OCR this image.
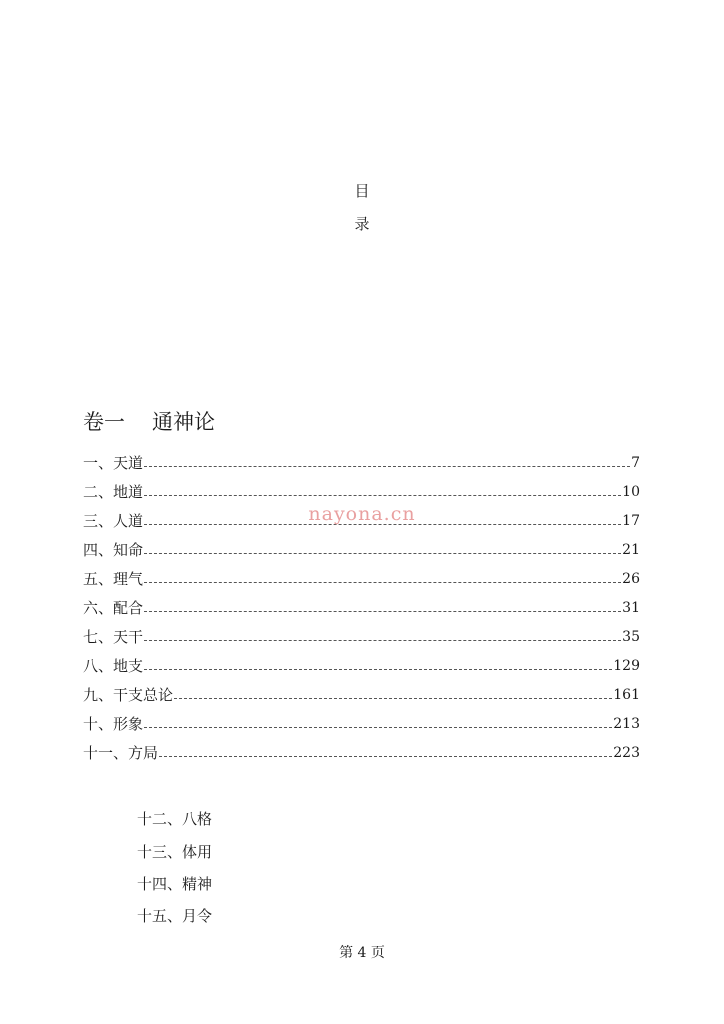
目
录
卷一 通神论
一、 天道	7
二、 地道	10
三、 人道	17
四、 知命	21
五、 理气	26
六、 配合	31
七、 天干	35
八、 地支	129
九、 干支总论	161
十、 形象	213
十一、 方局	223
nayona.cn
十二、八格
十三、体用
十四、精神
十五、月令
第 4 页
